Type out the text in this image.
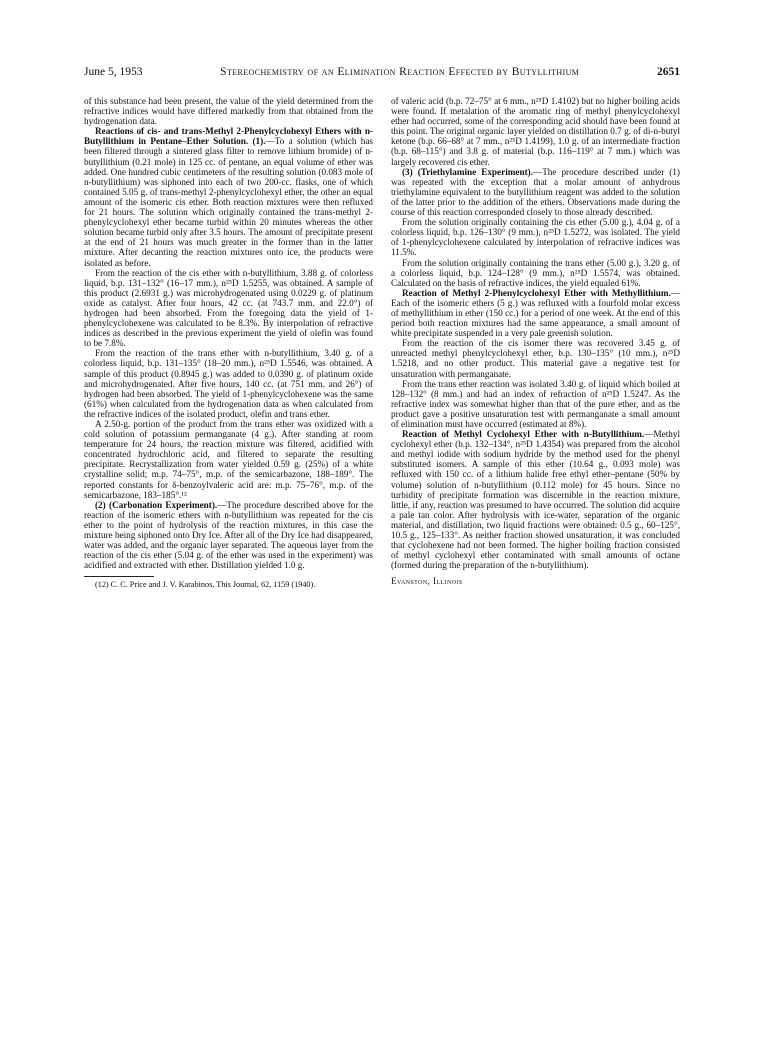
June 5, 1953	Stereochemistry of an Elimination Reaction Effected by Butyllithium	2651

of this substance had been present, the value of the yield determined from the refractive indices would have differed markedly from that obtained from the hydrogenation data.

Reactions of cis- and trans-Methyl 2-Phenylcyclohexyl Ethers with n-Butyllithium in Pentane–Ether Solution. (1).—To a solution (which has been filtered through a sintered glass filter to remove lithium bromide) of n-butyllithium (0.21 mole) in 125 cc. of pentane, an equal volume of ether was added. One hundred cubic centimeters of the resulting solution (0.083 mole of n-butyllithium) was siphoned into each of two 200-cc. flasks, one of which contained 5.05 g. of trans-methyl 2-phenylcyclohexyl ether, the other an equal amount of the isomeric cis ether. Both reaction mixtures were then refluxed for 21 hours. The solution which originally contained the trans-methyl 2-phenylcyclohexyl ether became turbid within 20 minutes whereas the other solution became turbid only after 3.5 hours. The amount of precipitate present at the end of 21 hours was much greater in the former than in the latter mixture. After decanting the reaction mixtures onto ice, the products were isolated as before.

From the reaction of the cis ether with n-butyllithium, 3.88 g. of colorless liquid, b.p. 131–132° (16–17 mm.), n²⁵D 1.5255, was obtained. A sample of this product (2.6931 g.) was microhydrogenated using 0.0229 g. of platinum oxide as catalyst. After four hours, 42 cc. (at 743.7 mm. and 22.0°) of hydrogen had been absorbed. From the foregoing data the yield of 1-phenylcyclohexene was calculated to be 8.3%. By interpolation of refractive indices as described in the previous experiment the yield of olefin was found to be 7.8%.

From the reaction of the trans ether with n-butyllithium, 3.40 g. of a colorless liquid, b.p. 131–135° (18–20 mm.), n²⁵D 1.5546, was obtained. A sample of this product (0.8945 g.) was added to 0.0390 g. of platinum oxide and microhydrogenated. After five hours, 140 cc. (at 751 mm. and 26°) of hydrogen had been absorbed. The yield of 1-phenylcyclohexene was the same (61%) when calculated from the hydrogenation data as when calculated from the refractive indices of the isolated product, olefin and trans ether.

A 2.50-g. portion of the product from the trans ether was oxidized with a cold solution of potassium permanganate (4 g.). After standing at room temperature for 24 hours, the reaction mixture was filtered, acidified with concentrated hydrochloric acid, and filtered to separate the resulting precipitate. Recrystallization from water yielded 0.59 g. (25%) of a white crystalline solid; m.p. 74–75°, m.p. of the semicarbazone, 188–189°. The reported constants for δ-benzoylvaleric acid are: m.p. 75–76°, m.p. of the semicarbazone, 183–185°.¹²

(2) (Carbonation Experiment).—The procedure described above for the reaction of the isomeric ethers with n-butyllithium was repeated for the cis ether to the point of hydrolysis of the reaction mixtures, in this case the mixture being siphoned onto Dry Ice. After all of the Dry Ice had disappeared, water was added, and the organic layer separated. The aqueous layer from the reaction of the cis ether (5.04 g. of the ether was used in the experiment) was acidified and extracted with ether. Distillation yielded 1.0 g.

(12) C. C. Price and J. V. Karabinos, This Journal, 62, 1159 (1940).

of valeric acid (b.p. 72–75° at 6 mm., n²⁵D 1.4102) but no higher boiling acids were found. If metalation of the aromatic ring of methyl phenylcyclohexyl ether had occurred, some of the corresponding acid should have been found at this point. The original organic layer yielded on distillation 0.7 g. of di-n-butyl ketone (b.p. 66–68° at 7 mm., n²⁵D 1.4199), 1.0 g. of an intermediate fraction (b.p. 68–115°) and 3.8 g. of material (b.p. 116–119° at 7 mm.) which was largely recovered cis ether.

(3) (Triethylamine Experiment).—The procedure described under (1) was repeated with the exception that a molar amount of anhydrous triethylamine equivalent to the butyllithium reagent was added to the solution of the latter prior to the addition of the ethers. Observations made during the course of this reaction corresponded closely to those already described.

From the solution originally containing the cis ether (5.00 g.), 4.04 g. of a colorless liquid, b.p. 126–130° (9 mm.), n²⁵D 1.5272, was isolated. The yield of 1-phenylcyclohexene calculated by interpolation of refractive indices was 11.5%.

From the solution originally containing the trans ether (5.00 g.), 3.20 g. of a colorless liquid, b.p. 124–128° (9 mm.), n²⁵D 1.5574, was obtained. Calculated on the basis of refractive indices, the yield equaled 61%.

Reaction of Methyl 2-Phenylcyclohexyl Ether with Methyllithium.—Each of the isomeric ethers (5 g.) was refluxed with a fourfold molar excess of methyllithium in ether (150 cc.) for a period of one week. At the end of this period both reaction mixtures had the same appearance, a small amount of white precipitate suspended in a very pale greenish solution.

From the reaction of the cis isomer there was recovered 3.45 g. of unreacted methyl phenylcyclohexyl ether, b.p. 130–135° (10 mm.), n²⁵D 1.5218, and no other product. This material gave a negative test for unsaturation with permanganate.

From the trans ether reaction was isolated 3.40 g. of liquid which boiled at 128–132° (8 mm.) and had an index of refraction of n²⁵D 1.5247. As the refractive index was somewhat higher than that of the pure ether, and as the product gave a positive unsaturation test with permanganate a small amount of elimination must have occurred (estimated at 8%).

Reaction of Methyl Cyclohexyl Ether with n-Butyllithium.—Methyl cyclohexyl ether (b.p. 132–134°, n²⁵D 1.4354) was prepared from the alcohol and methyl iodide with sodium hydride by the method used for the phenyl substituted isomers. A sample of this ether (10.64 g., 0.093 mole) was refluxed with 150 cc. of a lithium halide free ethyl ether–pentane (50% by volume) solution of n-butyllithium (0.112 mole) for 45 hours. Since no turbidity of precipitate formation was discernible in the reaction mixture, little, if any, reaction was presumed to have occurred. The solution did acquire a pale tan color. After hydrolysis with ice-water, separation of the organic material, and distillation, two liquid fractions were obtained: 0.5 g., 60–125°, 10.5 g., 125–133°. As neither fraction showed unsaturation, it was concluded that cyclohexene had not been formed. The higher boiling fraction consisted of methyl cyclohexyl ether contaminated with small amounts of octane (formed during the preparation of the n-butyllithium).

Evanston, Illinois
